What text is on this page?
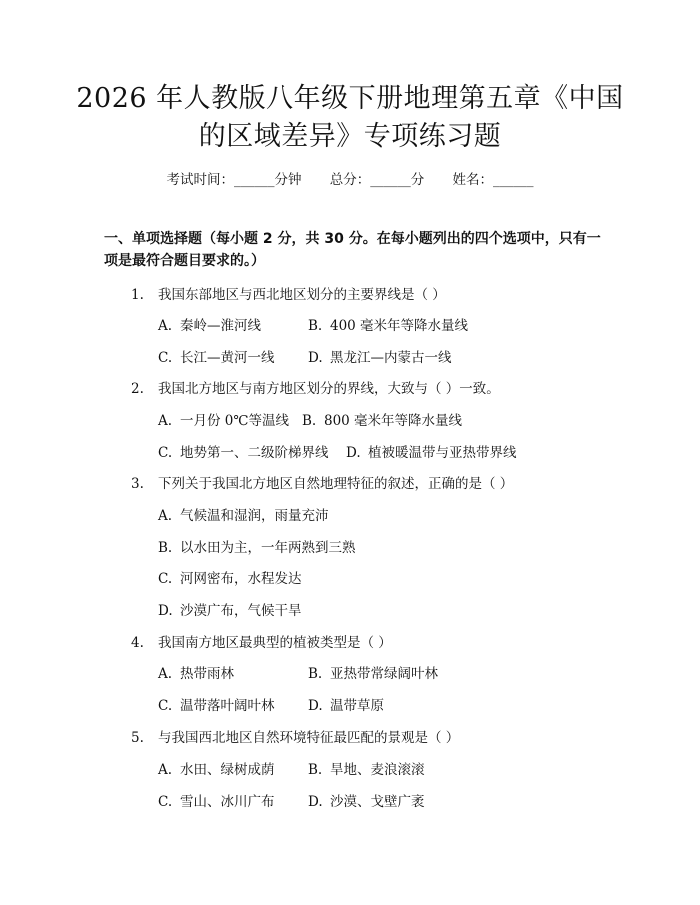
2026 年人教版八年级下册地理第五章《中国
的区域差异》专项练习题
考试时间：______分钟 总分：______分 姓名：______
一、单项选择题（每小题 2 分，共 30 分。在每小题列出的四个选项中，只有一项是最符合题目要求的。）
1. 我国东部地区与西北地区划分的主要界线是（ ）
A. 秦岭—淮河线	B. 400 毫米年等降水量线
C. 长江—黄河一线 D. 黑龙江—内蒙古一线
2. 我国北方地区与南方地区划分的界线，大致与（ ）一致。
A. 一月份 0℃等温线 B. 800 毫米年等降水量线
C. 地势第一、二级阶梯界线 D. 植被暖温带与亚热带界线
3. 下列关于我国北方地区自然地理特征的叙述，正确的是（ ）
A. 气候温和湿润，雨量充沛
B. 以水田为主，一年两熟到三熟
C. 河网密布，水程发达
D. 沙漠广布，气候干旱
4. 我国南方地区最典型的植被类型是（ ）
A. 热带雨林	B. 亚热带常绿阔叶林
C. 温带落叶阔叶林 D. 温带草原
5. 与我国西北地区自然环境特征最匹配的景观是（ ）
A. 水田、绿树成荫 B. 旱地、麦浪滚滚
C. 雪山、冰川广布 D. 沙漠、戈壁广袤
